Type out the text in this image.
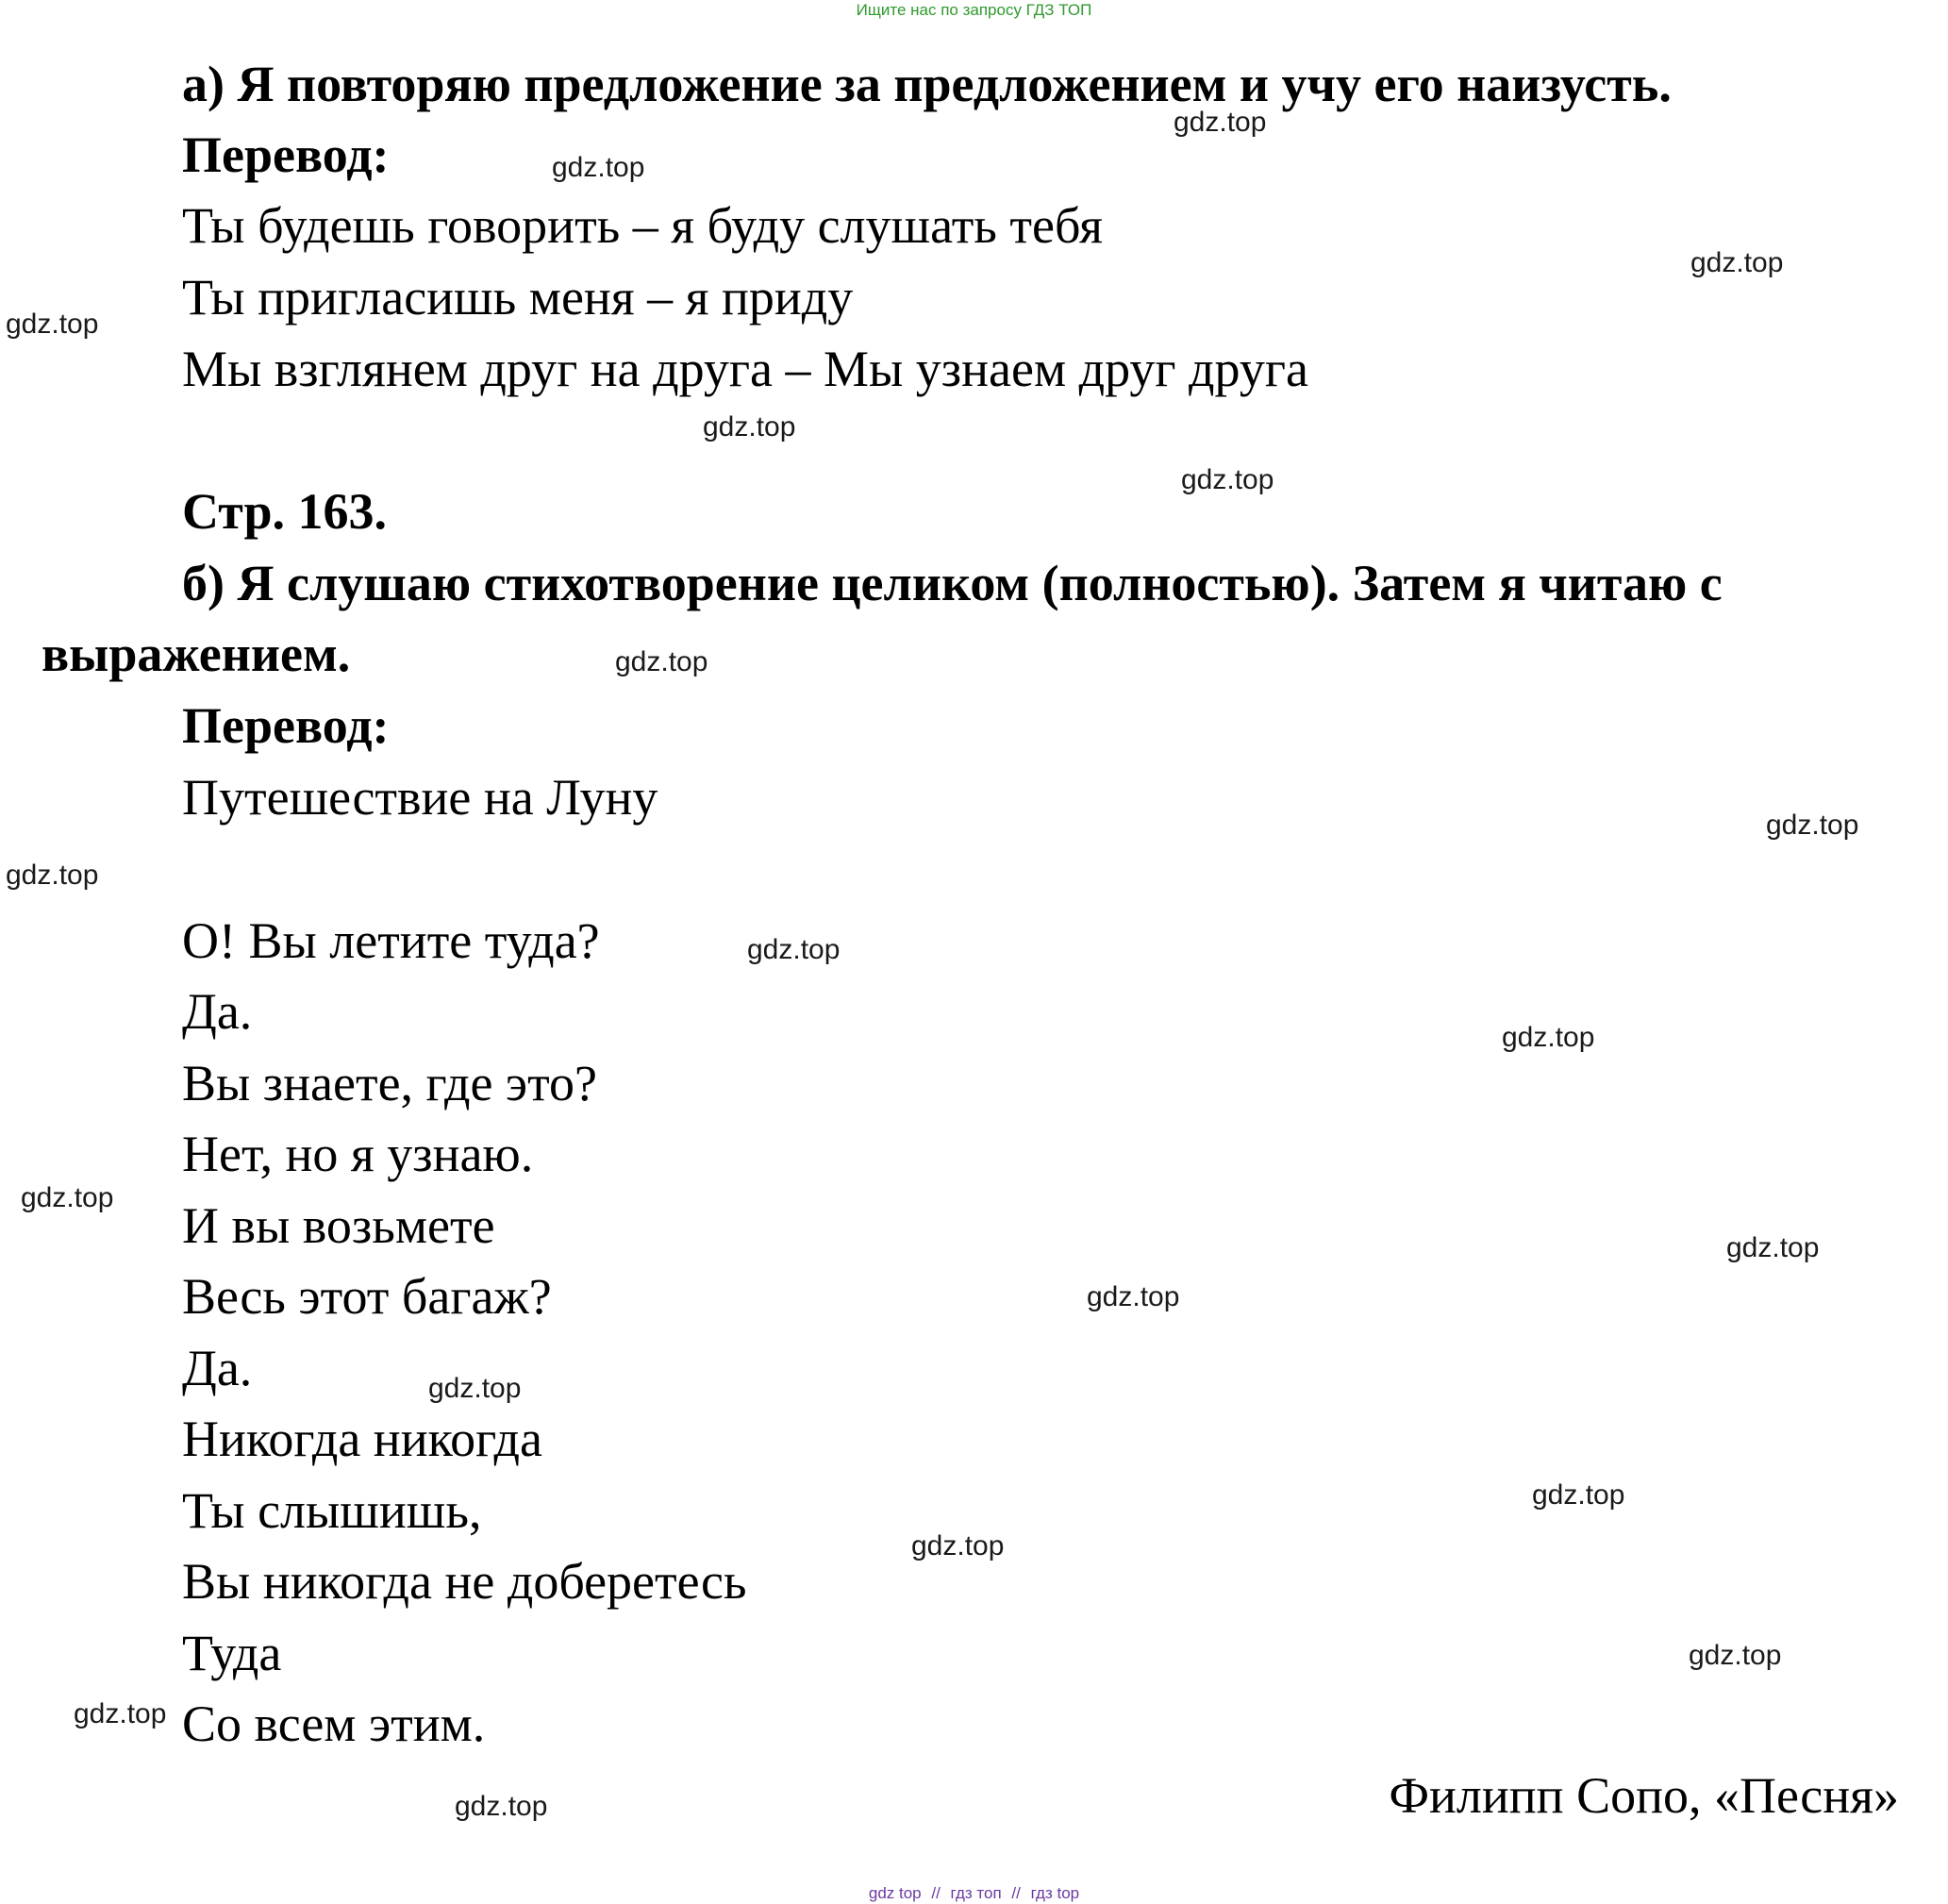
Ищите нас по запросу ГДЗ ТОП
а) Я повторяю предложение за предложением и учу его наизусть.
Перевод:
Ты будешь говорить – я буду слушать тебя
Ты пригласишь меня – я приду
Мы взглянем друг на друга – Мы узнаем друг друга
Стр. 163.
б) Я слушаю стихотворение целиком (полностью). Затем я читаю с
выражением.
Перевод:
Путешествие на Луну
О! Вы летите туда?
Да.
Вы знаете, где это?
Нет, но я узнаю.
И вы возьмете
Весь этот багаж?
Да.
Никогда никогда
Ты слышишь,
Вы никогда не доберетесь
Туда
Со всем этим.
Филипп Сопо, «Песня»
gdz.top
gdz.top
gdz.top
gdz.top
gdz.top
gdz.top
gdz.top
gdz.top
gdz.top
gdz.top
gdz.top
gdz.top
gdz.top
gdz.top
gdz.top
gdz.top
gdz.top
gdz.top
gdz.top
gdz.top
gdz top // гдз топ // гдз top
